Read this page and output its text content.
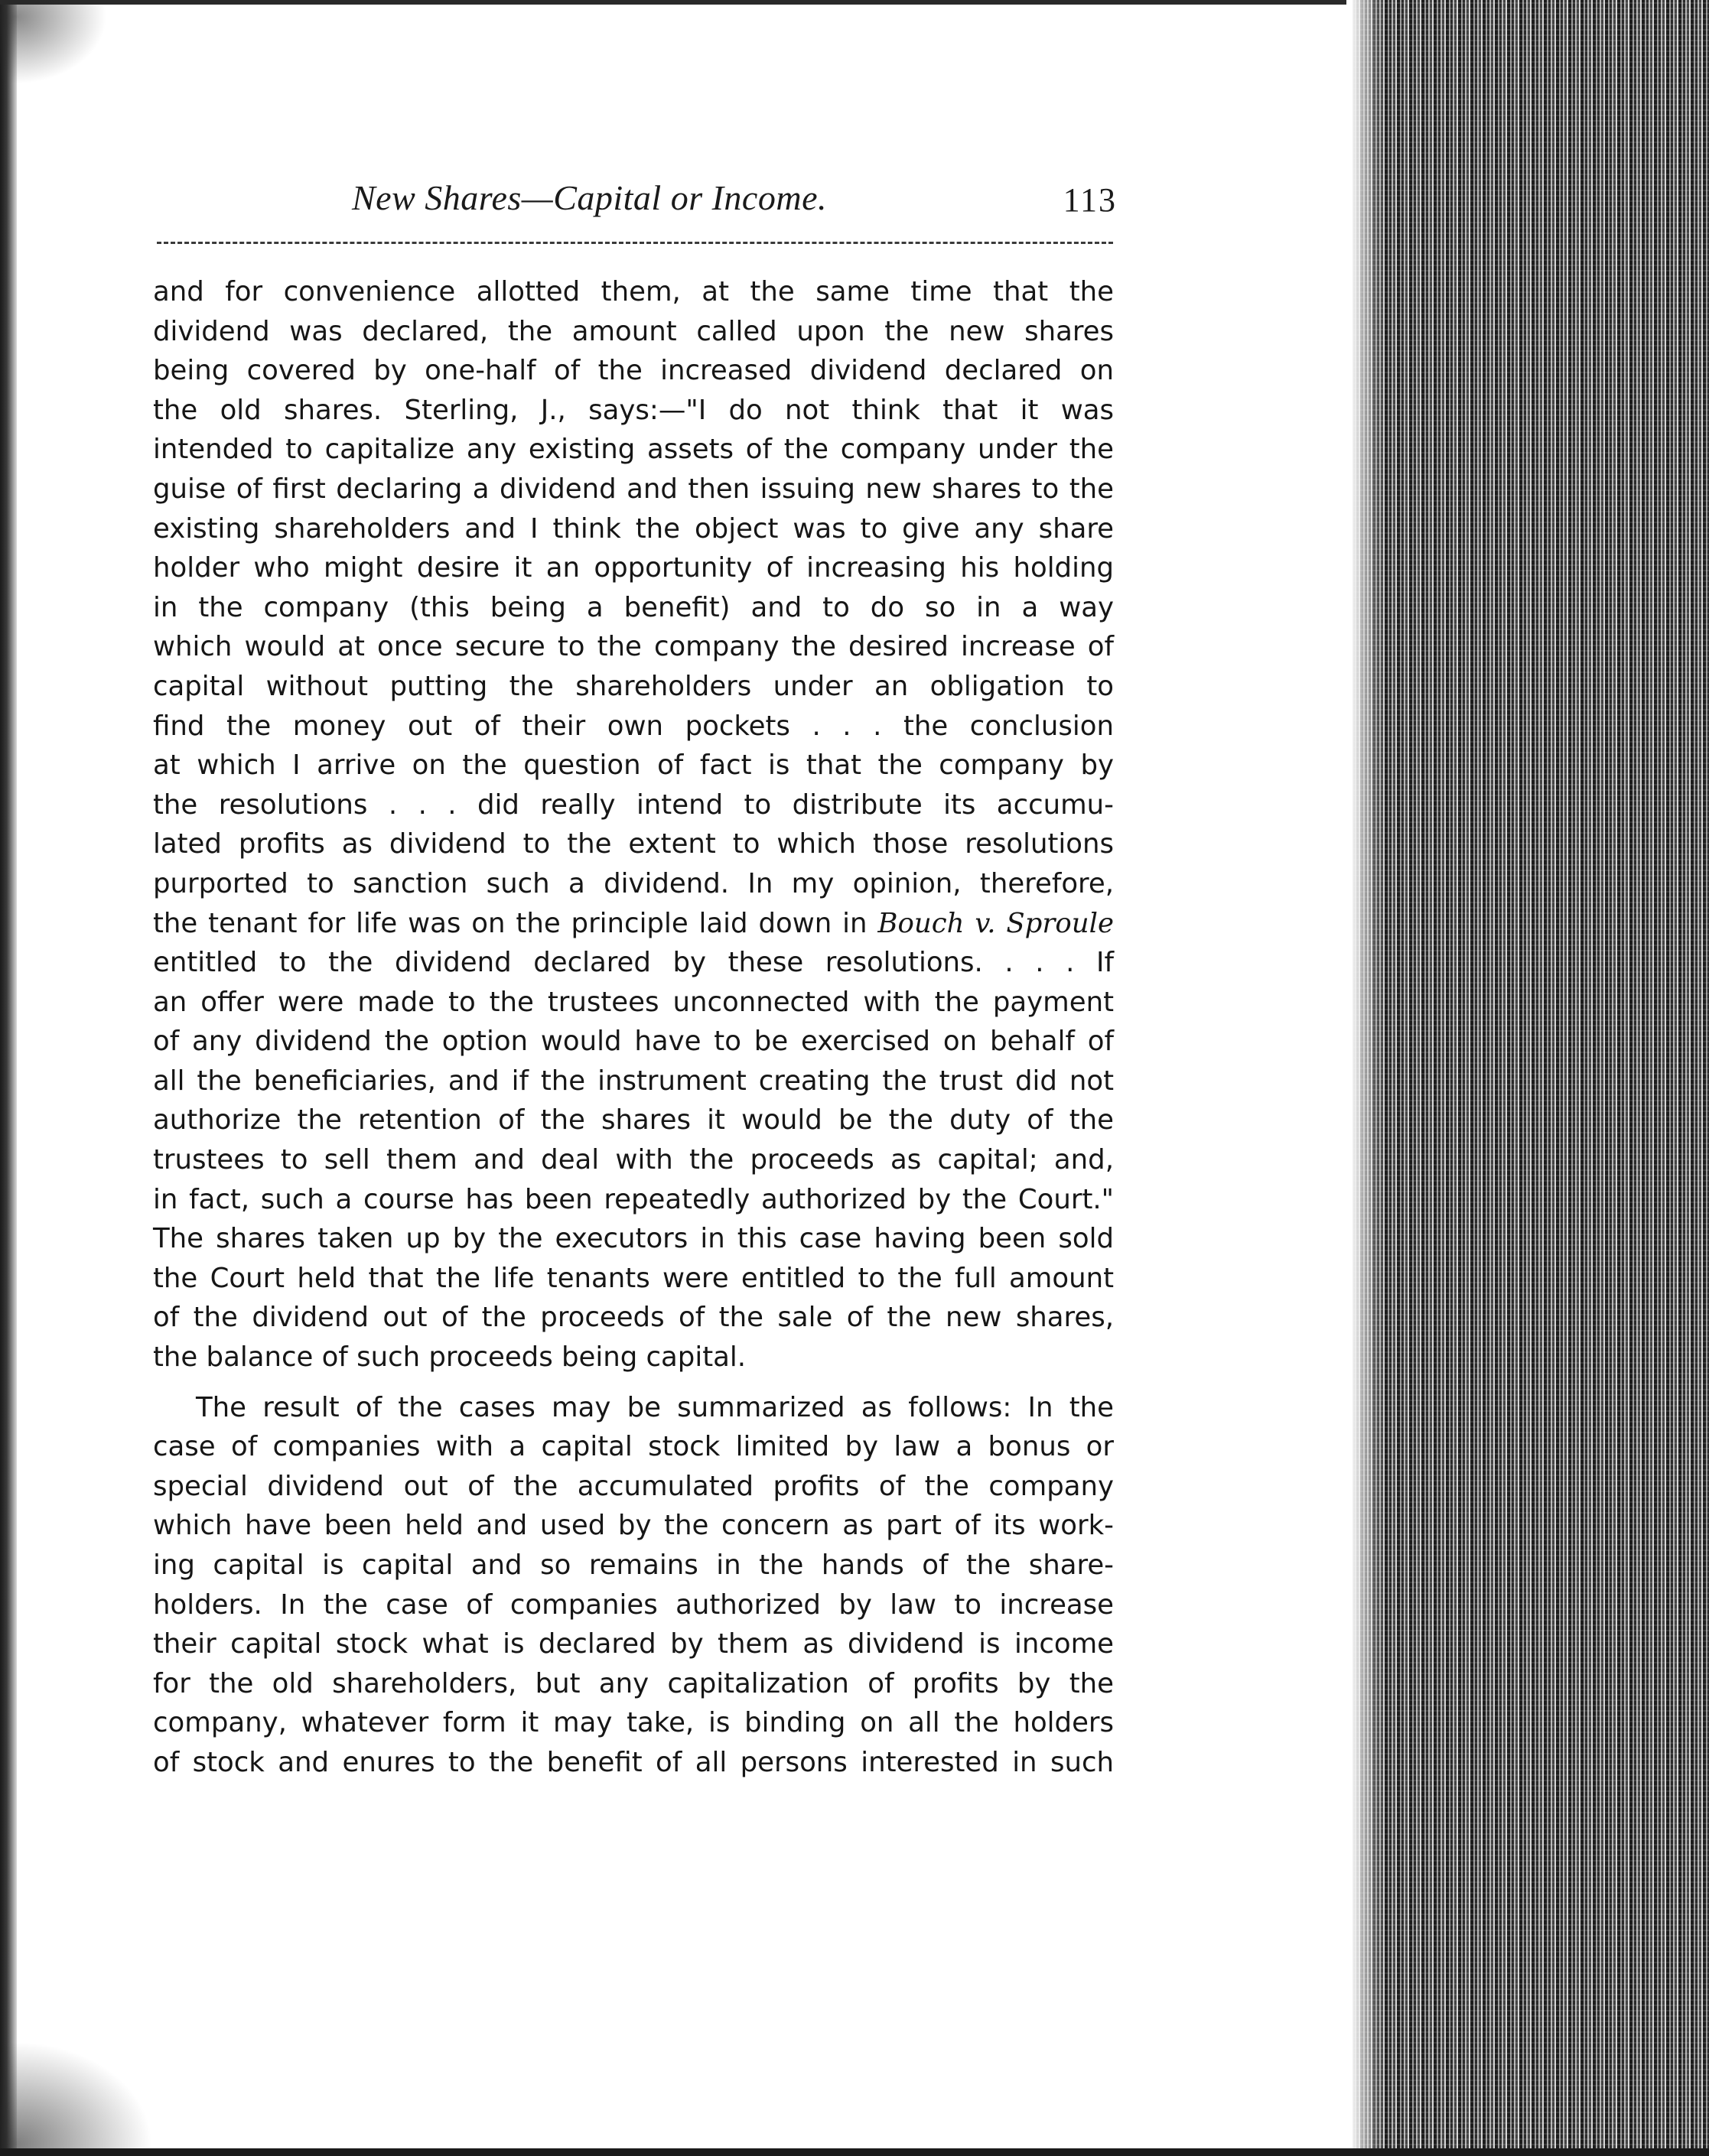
New Shares—Capital or Income.	113

and for convenience allotted them, at the same time that the
dividend was declared, the amount called upon the new shares
being covered by one-half of the increased dividend declared on
the old shares. Sterling, J., says:—"I do not think that it was
intended to capitalize any existing assets of the company under the
guise of first declaring a dividend and then issuing new shares to the
existing shareholders and I think the object was to give any share
holder who might desire it an opportunity of increasing his holding
in the company (this being a benefit) and to do so in a way
which would at once secure to the company the desired increase of
capital without putting the shareholders under an obligation to
find the money out of their own pockets . . . the conclusion
at which I arrive on the question of fact is that the company by
the resolutions . . . did really intend to distribute its accumu-
lated profits as dividend to the extent to which those resolutions
purported to sanction such a dividend. In my opinion, therefore,
the tenant for life was on the principle laid down in Bouch v. Sproule
entitled to the dividend declared by these resolutions. . . . If
an offer were made to the trustees unconnected with the payment
of any dividend the option would have to be exercised on behalf of
all the beneficiaries, and if the instrument creating the trust did not
authorize the retention of the shares it would be the duty of the
trustees to sell them and deal with the proceeds as capital; and,
in fact, such a course has been repeatedly authorized by the Court."
The shares taken up by the executors in this case having been sold
the Court held that the life tenants were entitled to the full amount
of the dividend out of the proceeds of the sale of the new shares,
the balance of such proceeds being capital.

The result of the cases may be summarized as follows: In the
case of companies with a capital stock limited by law a bonus or
special dividend out of the accumulated profits of the company
which have been held and used by the concern as part of its work-
ing capital is capital and so remains in the hands of the share-
holders. In the case of companies authorized by law to increase
their capital stock what is declared by them as dividend is income
for the old shareholders, but any capitalization of profits by the
company, whatever form it may take, is binding on all the holders
of stock and enures to the benefit of all persons interested in such
